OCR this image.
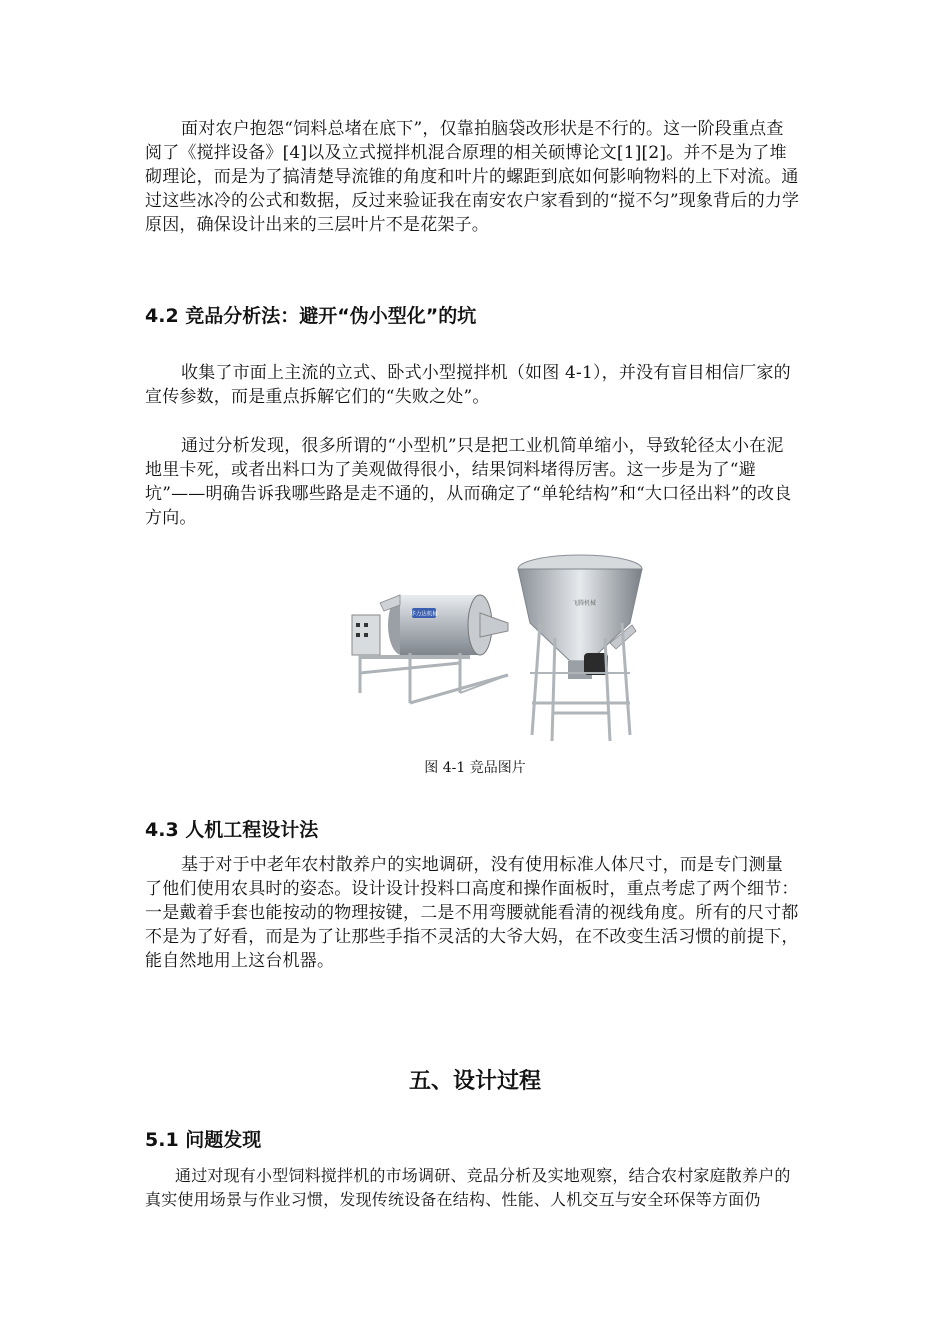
面对农户抱怨“饲料总堵在底下”，仅靠拍脑袋改形状是不行的。这一阶段重点查阅了《搅拌设备》[4]以及立式搅拌机混合原理的相关硕博论文[1][2]。并不是为了堆砌理论，而是为了搞清楚导流锥的角度和叶片的螺距到底如何影响物料的上下对流。通过这些冰冷的公式和数据，反过来验证我在南安农户家看到的“搅不匀”现象背后的力学原因，确保设计出来的三层叶片不是花架子。

4.2 竞品分析法：避开“伪小型化”的坑

收集了市面上主流的立式、卧式小型搅拌机（如图 4-1），并没有盲目相信厂家的宣传参数，而是重点拆解它们的“失败之处”。

通过分析发现，很多所谓的“小型机”只是把工业机简单缩小，导致轮径太小在泥地里卡死，或者出料口为了美观做得很小，结果饲料堵得厉害。这一步是为了“避坑”——明确告诉我哪些路是走不通的，从而确定了“单轮结构”和“大口径出料”的改良方向。

华力达机械
飞腾机械
图 4-1 竞品图片
4.3 人机工程设计法

基于对于中老年农村散养户的实地调研，没有使用标准人体尺寸，而是专门测量了他们使用农具时的姿态。设计设计投料口高度和操作面板时，重点考虑了两个细节：一是戴着手套也能按动的物理按键，二是不用弯腰就能看清的视线角度。所有的尺寸都不是为了好看，而是为了让那些手指不灵活的大爷大妈，在不改变生活习惯的前提下，能自然地用上这台机器。

五、设计过程
5.1 问题发现

通过对现有小型饲料搅拌机的市场调研、竞品分析及实地观察，结合农村家庭散养户的真实使用场景与作业习惯，发现传统设备在结构、性能、人机交互与安全环保等方面仍
